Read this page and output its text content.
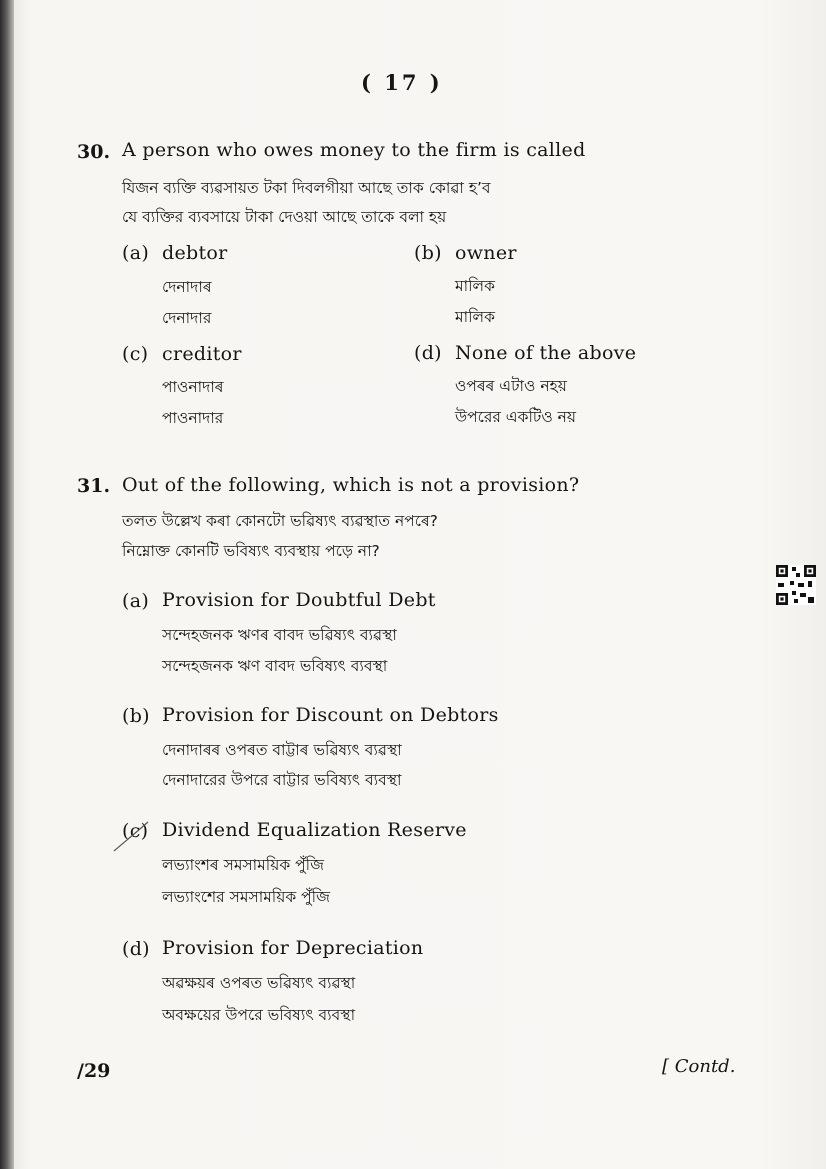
( 17 )
30. A person who owes money to the firm is called
যিজন ব্যক্তি ব্যৱসায়ত টকা দিবলগীয়া আছে তাক কোৱা হ’ব
যে ব্যক্তির ব্যবসায়ে টাকা দেওয়া আছে তাকে বলা হয়
(a) debtor
দেনাদাৰ
দেনাদার
(b) owner
মালিক
মালিক
(c) creditor
পাওনাদাৰ
পাওনাদার
(d) None of the above
ওপৰৰ এটাও নহয়
উপরের একটিও নয়
31. Out of the following, which is not a provision?
তলত উল্লেখ কৰা কোনটো ভৱিষ্যৎ ব্যৱস্থাত নপৰে?
নিম্নোক্ত কোনটি ভবিষ্যৎ ব্যবস্থায় পড়ে না?
(a) Provision for Doubtful Debt
সন্দেহজনক ঋণৰ বাবদ ভৱিষ্যৎ ব্যৱস্থা
সন্দেহজনক ঋণ বাবদ ভবিষ্যৎ ব্যবস্থা
(b) Provision for Discount on Debtors
দেনাদাৰৰ ওপৰত বাট্টাৰ ভৱিষ্যৎ ব্যৱস্থা
দেনাদারের উপরে বাট্টার ভবিষ্যৎ ব্যবস্থা
(c) Dividend Equalization Reserve
লভ্যাংশৰ সমসাময়িক পুঁজি
লভ্যাংশের সমসাময়িক পুঁজি
(d) Provision for Depreciation
অৱক্ষয়ৰ ওপৰত ভৱিষ্যৎ ব্যৱস্থা
অবক্ষয়ের উপরে ভবিষ্যৎ ব্যবস্থা
/29	[ Contd.
